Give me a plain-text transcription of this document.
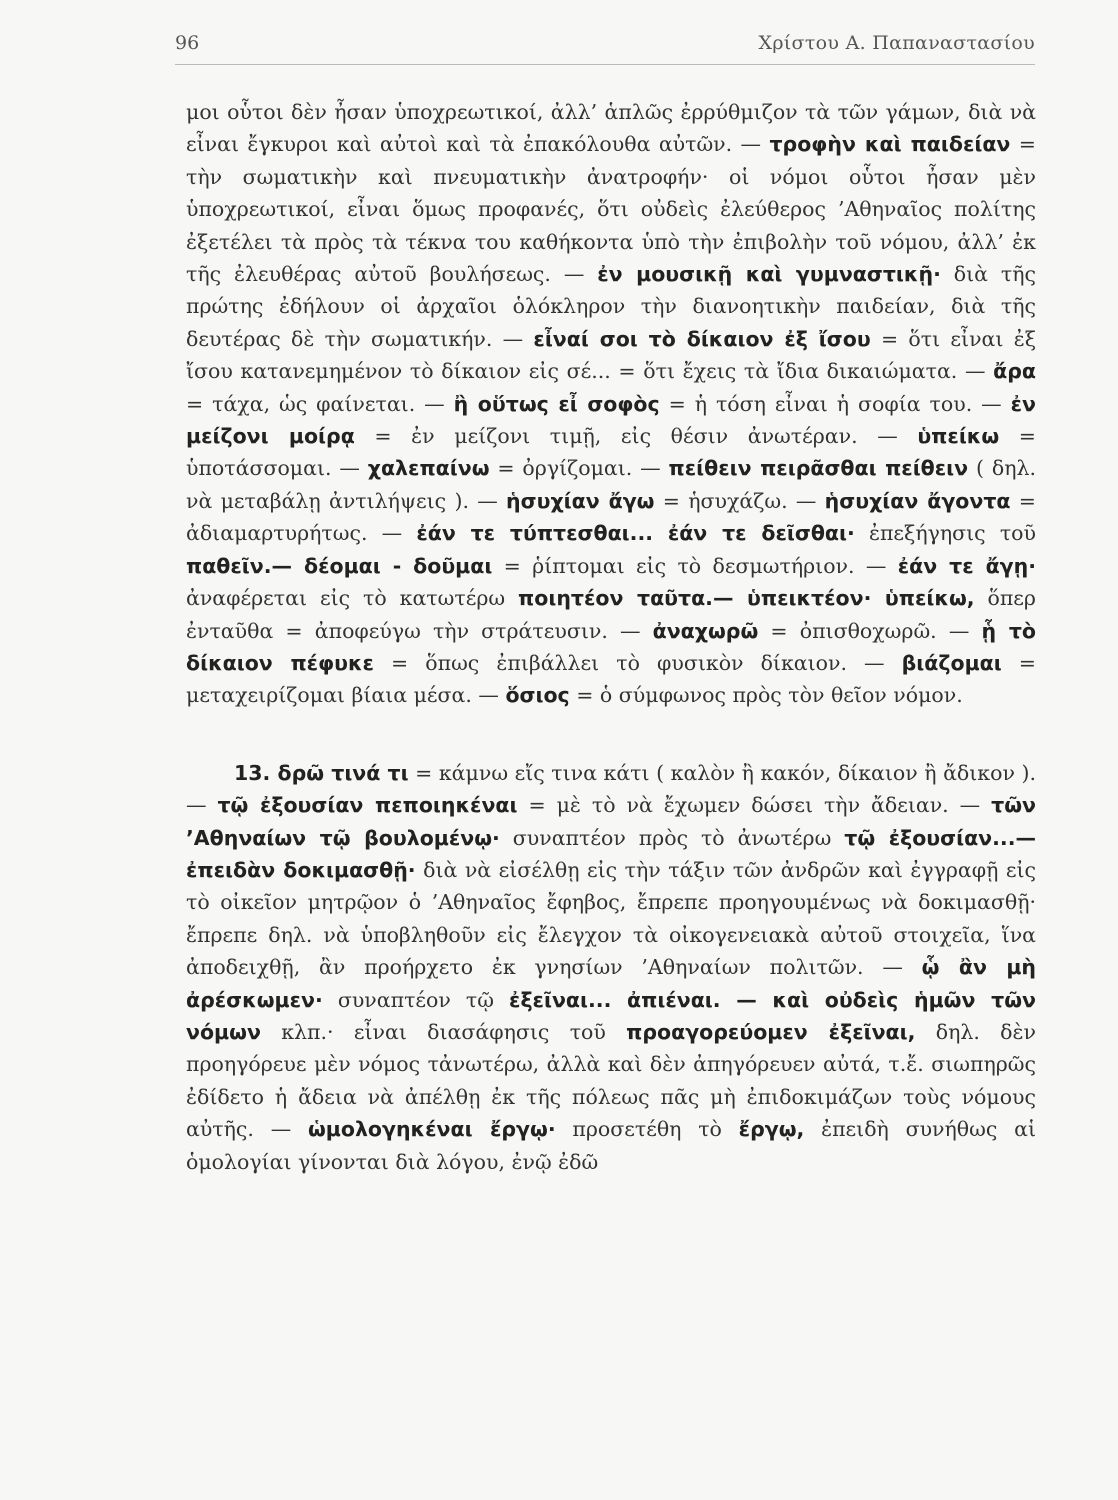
96	Χρίστου Α. Παπαναστασίου

μοι οὗτοι δὲν ἦσαν ὑποχρεωτικοί, ἀλλ’ ἁπλῶς ἐρρύθμιζον τὰ τῶν γάμων, διὰ νὰ εἶναι ἔγκυροι καὶ αὐτοὶ καὶ τὰ ἐπακόλουθα αὐτῶν. — τροφὴν καὶ παιδείαν = τὴν σωματικὴν καὶ πνευματικὴν ἀνατροφήν· οἱ νόμοι οὗτοι ἦσαν μὲν ὑποχρεωτικοί, εἶναι ὅμως προφανές, ὅτι οὐδεὶς ἐλεύθερος ’Αθηναῖος πολίτης ἐξετέλει τὰ πρὸς τὰ τέκνα του καθήκοντα ὑπὸ τὴν ἐπιβολὴν τοῦ νόμου, ἀλλ’ ἐκ τῆς ἐλευθέρας αὐτοῦ βουλήσεως. — ἐν μουσικῇ καὶ γυμναστικῇ· διὰ τῆς πρώτης ἐδήλουν οἱ ἀρχαῖοι ὁλόκληρον τὴν διανοητικὴν παιδείαν, διὰ τῆς δευτέρας δὲ τὴν σωματικήν. — εἶναί σοι τὸ δίκαιον ἐξ ἴσου = ὅτι εἶναι ἐξ ἴσου κατανεμημένον τὸ δίκαιον εἰς σέ... = ὅτι ἔχεις τὰ ἴδια δικαιώματα. — ἄρα = τάχα, ὡς φαίνεται. — ἢ οὕτως εἶ σοφὸς = ἡ τόση εἶναι ἡ σοφία του. — ἐν μείζονι μοίρᾳ = ἐν μείζονι τιμῇ, εἰς θέσιν ἀνωτέραν. — ὑπείκω = ὑποτάσσομαι. — χαλεπαίνω = ὀργίζομαι. — πείθειν πειρᾶσθαι πείθειν ( δηλ. νὰ μεταβάλῃ ἀντιλήψεις ). — ἡσυχίαν ἄγω = ἡσυχάζω. — ἡσυχίαν ἄγοντα = ἀδιαμαρτυρήτως. — ἐάν τε τύπτεσθαι... ἐάν τε δεῖσθαι· ἐπεξήγησις τοῦ παθεῖν.— δέομαι - δοῦμαι = ῥίπτομαι εἰς τὸ δεσμωτήριον. — ἐάν τε ἄγῃ· ἀναφέρεται εἰς τὸ κατωτέρω ποιητέον ταῦτα.— ὑπεικτέον· ὑπείκω, ὅπερ ἐνταῦθα = ἀποφεύγω τὴν στράτευσιν. — ἀναχωρῶ = ὀπισθοχωρῶ. — ᾗ τὸ δίκαιον πέφυκε = ὅπως ἐπιβάλλει τὸ φυσικὸν δίκαιον. — βιάζομαι = μεταχειρίζομαι βίαια μέσα. — ὅσιος = ὁ σύμφωνος πρὸς τὸν θεῖον νόμον.

13. δρῶ τινά τι = κάμνω εἴς τινα κάτι ( καλὸν ἢ κακόν, δίκαιον ἢ ἄδικον ). — τῷ ἐξουσίαν πεποιηκέναι = μὲ τὸ νὰ ἔχωμεν δώσει τὴν ἄδειαν. — τῶν ’Αθηναίων τῷ βουλομένῳ· συναπτέον πρὸς τὸ ἀνωτέρω τῷ ἐξουσίαν...— ἐπειδὰν δοκιμασθῇ· διὰ νὰ εἰσέλθῃ εἰς τὴν τάξιν τῶν ἀνδρῶν καὶ ἐγγραφῇ εἰς τὸ οἰκεῖον μητρῷον ὁ ’Αθηναῖος ἔφηβος, ἔπρεπε προηγουμένως νὰ δοκιμασθῇ· ἔπρεπε δηλ. νὰ ὑποβληθοῦν εἰς ἔλεγχον τὰ οἰκογενειακὰ αὐτοῦ στοιχεῖα, ἵνα ἀποδειχθῇ, ἂν προήρχετο ἐκ γνησίων ’Αθηναίων πολιτῶν. — ᾧ ἂν μὴ ἀρέσκωμεν· συναπτέον τῷ ἐξεῖναι... ἀπιέναι. — καὶ οὐδεὶς ἡμῶν τῶν νόμων κλπ.· εἶναι διασάφησις τοῦ προαγορεύομεν ἐξεῖναι, δηλ. δὲν προηγόρευε μὲν νόμος τἀνωτέρω, ἀλλὰ καὶ δὲν ἀπηγόρευεν αὐτά, τ.ἔ. σιωπηρῶς ἐδίδετο ἡ ἄδεια νὰ ἀπέλθῃ ἐκ τῆς πόλεως πᾶς μὴ ἐπιδοκιμάζων τοὺς νόμους αὐτῆς. — ὡμολογηκέναι ἔργῳ· προσετέθη τὸ ἔργῳ, ἐπειδὴ συνήθως αἱ ὁμολογίαι γίνονται διὰ λόγου, ἐνῷ ἐδῶ
